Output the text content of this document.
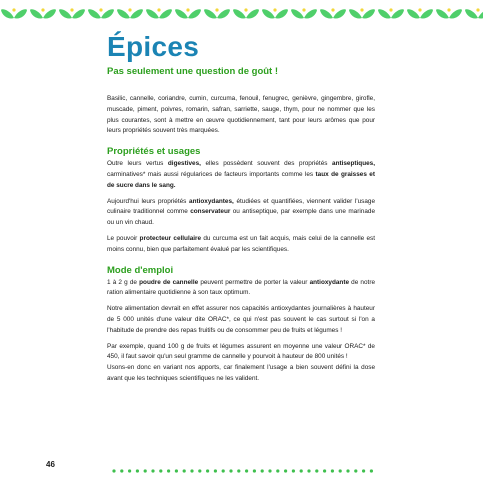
Épices
Pas seulement une question de goût !

Basilic, cannelle, coriandre, cumin, curcuma, fenouil, fenugrec, genièvre, gingembre, girofle, muscade, piment, poivres, romarin, safran, sarriette, sauge, thym, pour ne nommer que les plus courantes, sont à mettre en œuvre quotidiennement, tant pour leurs arômes que pour leurs propriétés souvent très marquées.

Propriétés et usages

Outre leurs vertus digestives, elles possèdent souvent des propriétés antiseptiques, carminatives* mais aussi régularices de facteurs importants comme les taux de graisses et de sucre dans le sang.

Aujourd'hui leurs propriétés antioxydantes, étudiées et quantifiées, viennent valider l'usage culinaire traditionnel comme conservateur ou antiseptique, par exemple dans une marinade ou un vin chaud.

Le pouvoir protecteur cellulaire du curcuma est un fait acquis, mais celui de la cannelle est moins connu, bien que parfaitement évalué par les scientifiques.

Mode d'emploi

1 à 2 g de poudre de cannelle peuvent permettre de porter la valeur antioxydante de notre ration alimentaire quotidienne à son taux optimum.

Notre alimentation devrait en effet assurer nos capacités antioxydantes journalières à hauteur de 5 000 unités d'une valeur dite ORAC*, ce qui n'est pas souvent le cas surtout si l'on a l'habitude de prendre des repas fruitifs ou de consommer peu de fruits et légumes !

Par exemple, quand 100 g de fruits et légumes assurent en moyenne une valeur ORAC* de 450, il faut savoir qu'un seul gramme de cannelle y pourvoit à hauteur de 800 unités !

Usons-en donc en variant nos apports, car finalement l'usage a bien souvent défini la dose avant que les techniques scientifiques ne les valident.

46
